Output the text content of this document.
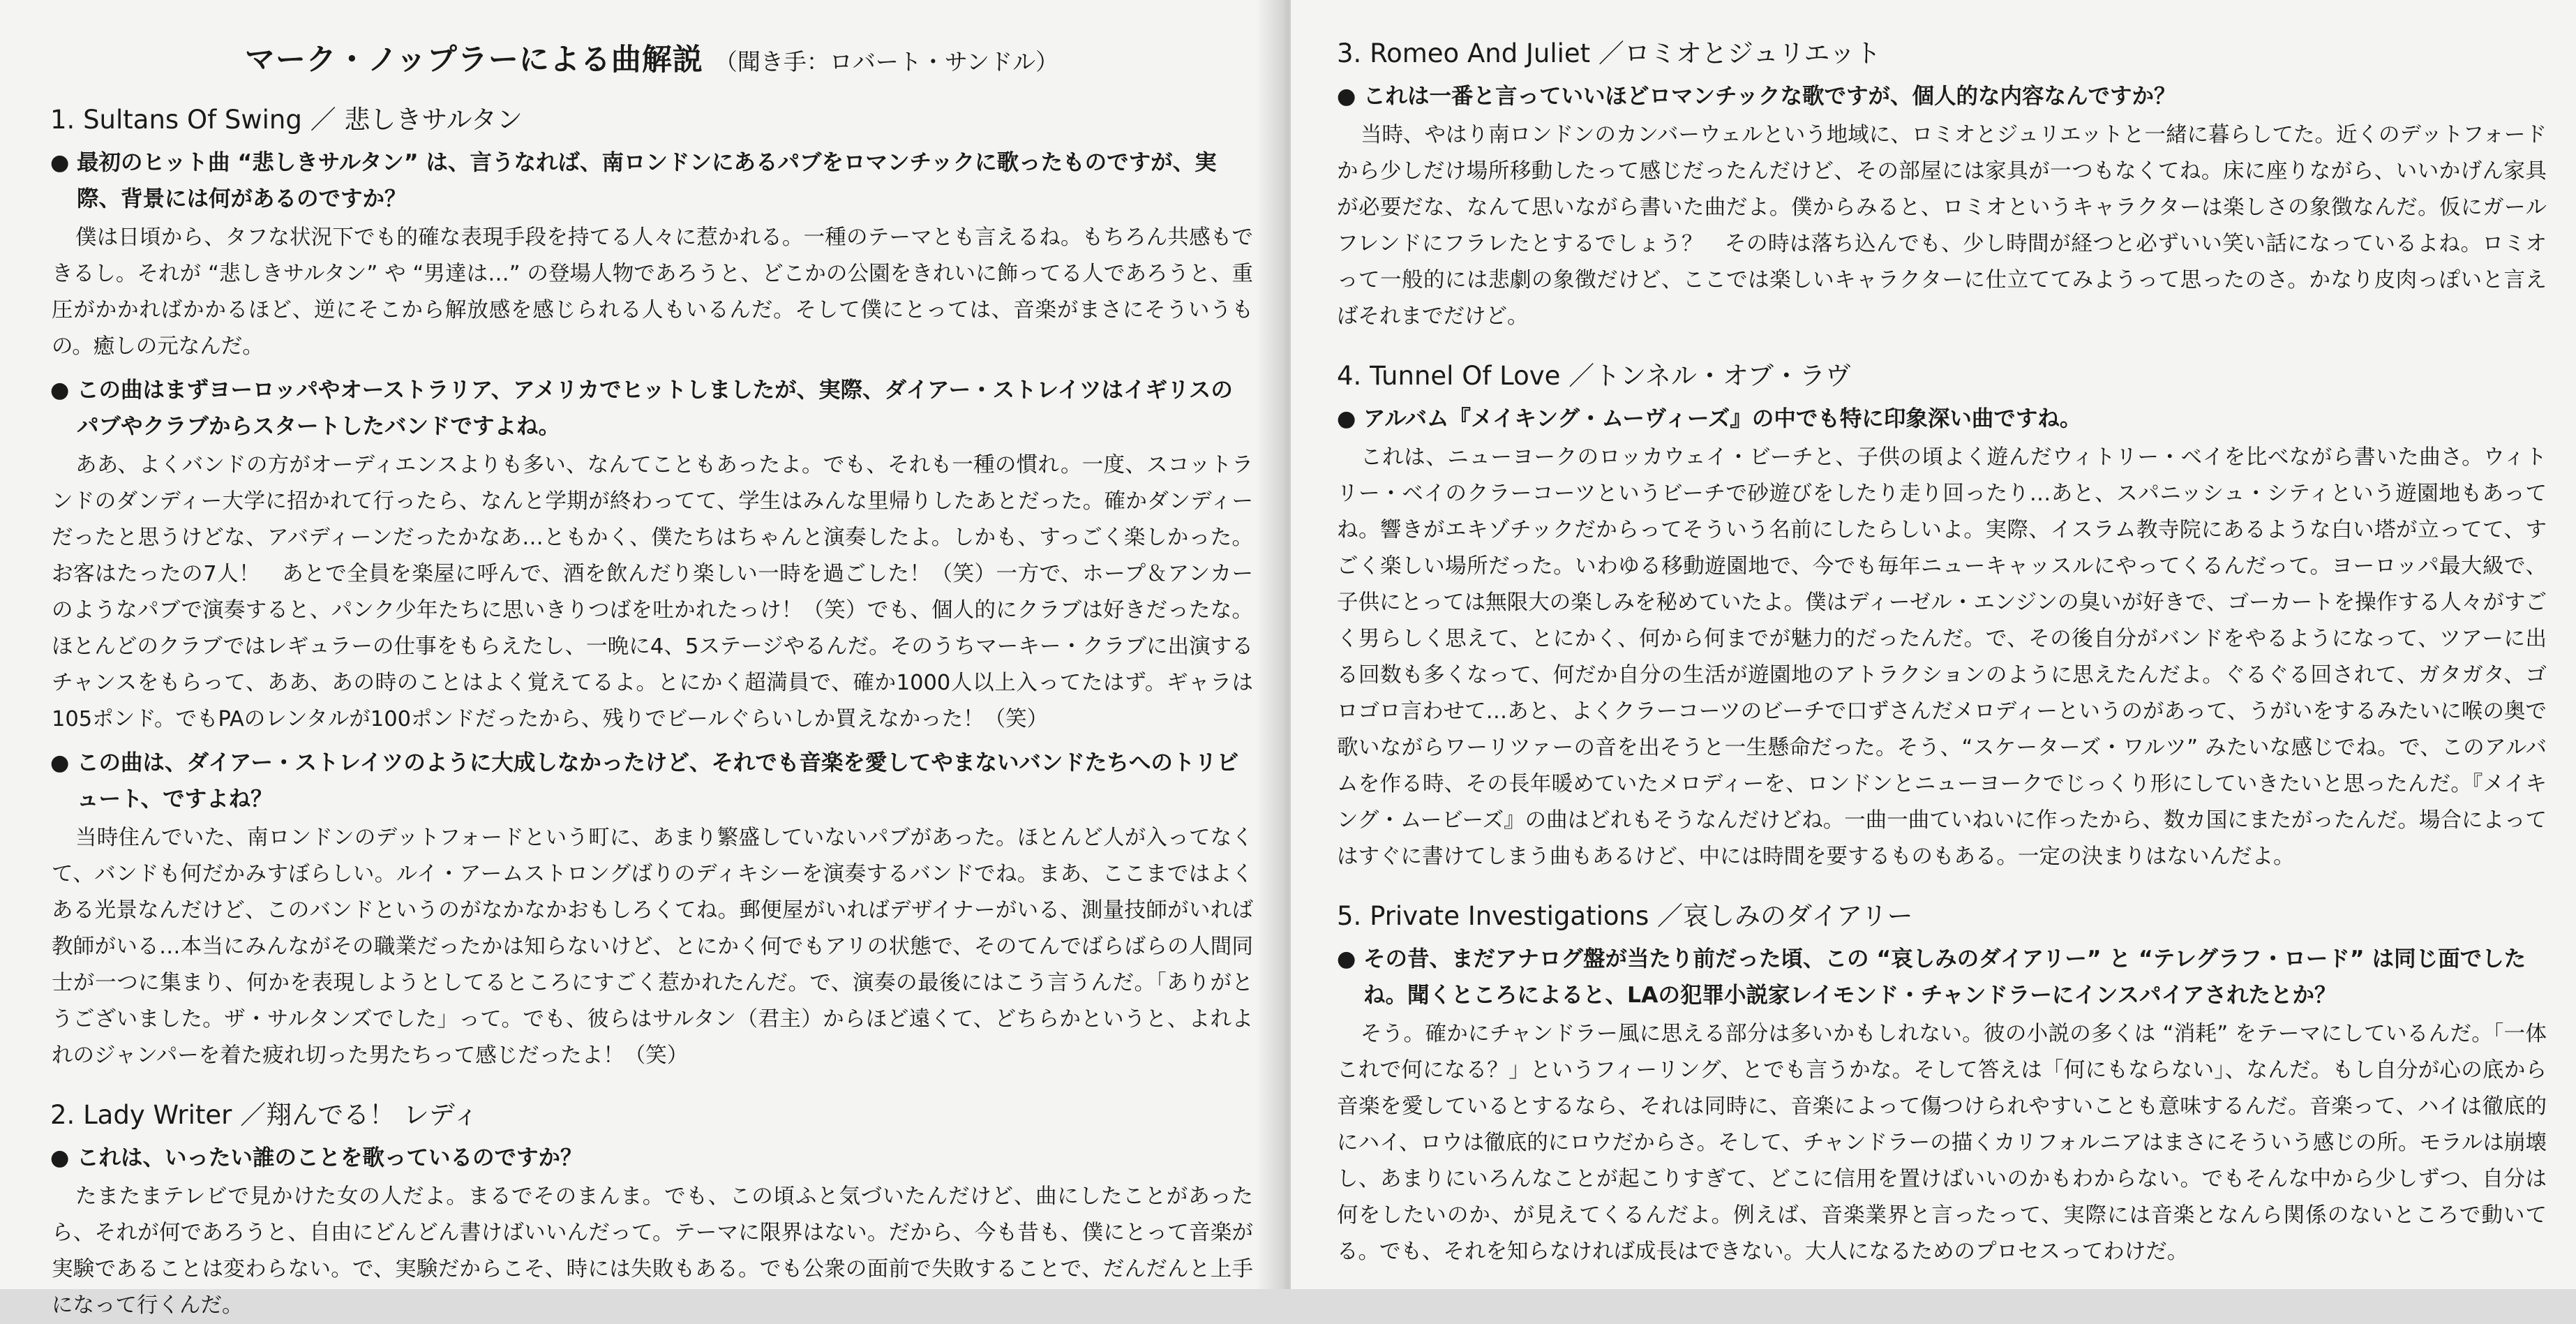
マーク・ノップラーによる曲解説 （聞き手：ロバート・サンドル）
1. Sultans Of Swing ／ 悲しきサルタン

● 最初のヒット曲 “悲しきサルタン” は、言うなれば、南ロンドンにあるパブをロマンチックに歌ったものですが、実際、背景には何があるのですか？

僕は日頃から、タフな状況下でも的確な表現手段を持てる人々に惹かれる。一種のテーマとも言えるね。もちろん共感もできるし。それが “悲しきサルタン” や “男達は…” の登場人物であろうと、どこかの公園をきれいに飾ってる人であろうと、重圧がかかればかかるほど、逆にそこから解放感を感じられる人もいるんだ。そして僕にとっては、音楽がまさにそういうもの。癒しの元なんだ。

● この曲はまずヨーロッパやオーストラリア、アメリカでヒットしましたが、実際、ダイアー・ストレイツはイギリスのパブやクラブからスタートしたバンドですよね。

ああ、よくバンドの方がオーディエンスよりも多い、なんてこともあったよ。でも、それも一種の慣れ。一度、スコットランドのダンディー大学に招かれて行ったら、なんと学期が終わってて、学生はみんな里帰りしたあとだった。確かダンディーだったと思うけどな、アバディーンだったかなあ…ともかく、僕たちはちゃんと演奏したよ。しかも、すっごく楽しかった。お客はたったの7人！　あとで全員を楽屋に呼んで、酒を飲んだり楽しい一時を過ごした！（笑）一方で、ホープ＆アンカーのようなパブで演奏すると、パンク少年たちに思いきりつばを吐かれたっけ！（笑）でも、個人的にクラブは好きだったな。ほとんどのクラブではレギュラーの仕事をもらえたし、一晩に4、5ステージやるんだ。そのうちマーキー・クラブに出演するチャンスをもらって、ああ、あの時のことはよく覚えてるよ。とにかく超満員で、確か1000人以上入ってたはず。ギャラは105ポンド。でもPAのレンタルが100ポンドだったから、残りでビールぐらいしか買えなかった！（笑）

● この曲は、ダイアー・ストレイツのように大成しなかったけど、それでも音楽を愛してやまないバンドたちへのトリビュート、ですよね？

当時住んでいた、南ロンドンのデットフォードという町に、あまり繁盛していないパブがあった。ほとんど人が入ってなくて、バンドも何だかみすぼらしい。ルイ・アームストロングばりのディキシーを演奏するバンドでね。まあ、ここまではよくある光景なんだけど、このバンドというのがなかなかおもしろくてね。郵便屋がいればデザイナーがいる、測量技師がいれば教師がいる…本当にみんながその職業だったかは知らないけど、とにかく何でもアリの状態で、そのてんでばらばらの人間同士が一つに集まり、何かを表現しようとしてるところにすごく惹かれたんだ。で、演奏の最後にはこう言うんだ。「ありがとうございました。ザ・サルタンズでした」って。でも、彼らはサルタン（君主）からほど遠くて、どちらかというと、よれよれのジャンパーを着た疲れ切った男たちって感じだったよ！（笑）

2. Lady Writer ／翔んでる！ レディ

● これは、いったい誰のことを歌っているのですか？

たまたまテレビで見かけた女の人だよ。まるでそのまんま。でも、この頃ふと気づいたんだけど、曲にしたことがあったら、それが何であろうと、自由にどんどん書けばいいんだって。テーマに限界はない。だから、今も昔も、僕にとって音楽が実験であることは変わらない。で、実験だからこそ、時には失敗もある。でも公衆の面前で失敗することで、だんだんと上手になって行くんだ。

3. Romeo And Juliet ／ロミオとジュリエット

● これは一番と言っていいほどロマンチックな歌ですが、個人的な内容なんですか？

当時、やはり南ロンドンのカンバーウェルという地域に、ロミオとジュリエットと一緒に暮らしてた。近くのデットフォードから少しだけ場所移動したって感じだったんだけど、その部屋には家具が一つもなくてね。床に座りながら、いいかげん家具が必要だな、なんて思いながら書いた曲だよ。僕からみると、ロミオというキャラクターは楽しさの象徴なんだ。仮にガールフレンドにフラレたとするでしょう？　その時は落ち込んでも、少し時間が経つと必ずいい笑い話になっているよね。ロミオって一般的には悲劇の象徴だけど、ここでは楽しいキャラクターに仕立ててみようって思ったのさ。かなり皮肉っぽいと言えばそれまでだけど。

4. Tunnel Of Love ／トンネル・オブ・ラヴ

● アルバム『メイキング・ムーヴィーズ』の中でも特に印象深い曲ですね。

これは、ニューヨークのロッカウェイ・ビーチと、子供の頃よく遊んだウィトリー・ベイを比べながら書いた曲さ。ウィトリー・ベイのクラーコーツというビーチで砂遊びをしたり走り回ったり…あと、スパニッシュ・シティという遊園地もあってね。響きがエキゾチックだからってそういう名前にしたらしいよ。実際、イスラム教寺院にあるような白い塔が立ってて、すごく楽しい場所だった。いわゆる移動遊園地で、今でも毎年ニューキャッスルにやってくるんだって。ヨーロッパ最大級で、子供にとっては無限大の楽しみを秘めていたよ。僕はディーゼル・エンジンの臭いが好きで、ゴーカートを操作する人々がすごく男らしく思えて、とにかく、何から何までが魅力的だったんだ。で、その後自分がバンドをやるようになって、ツアーに出る回数も多くなって、何だか自分の生活が遊園地のアトラクションのように思えたんだよ。ぐるぐる回されて、ガタガタ、ゴロゴロ言わせて…あと、よくクラーコーツのビーチで口ずさんだメロディーというのがあって、うがいをするみたいに喉の奥で歌いながらワーリツァーの音を出そうと一生懸命だった。そう、“スケーターズ・ワルツ” みたいな感じでね。で、このアルバムを作る時、その長年暖めていたメロディーを、ロンドンとニューヨークでじっくり形にしていきたいと思ったんだ。『メイキング・ムービーズ』の曲はどれもそうなんだけどね。一曲一曲ていねいに作ったから、数カ国にまたがったんだ。場合によってはすぐに書けてしまう曲もあるけど、中には時間を要するものもある。一定の決まりはないんだよ。

5. Private Investigations ／哀しみのダイアリー

● その昔、まだアナログ盤が当たり前だった頃、この “哀しみのダイアリー” と “テレグラフ・ロード” は同じ面でしたね。聞くところによると、LAの犯罪小説家レイモンド・チャンドラーにインスパイアされたとか？

そう。確かにチャンドラー風に思える部分は多いかもしれない。彼の小説の多くは “消耗” をテーマにしているんだ。「一体これで何になる？」というフィーリング、とでも言うかな。そして答えは「何にもならない」、なんだ。もし自分が心の底から音楽を愛しているとするなら、それは同時に、音楽によって傷つけられやすいことも意味するんだ。音楽って、ハイは徹底的にハイ、ロウは徹底的にロウだからさ。そして、チャンドラーの描くカリフォルニアはまさにそういう感じの所。モラルは崩壊し、あまりにいろんなことが起こりすぎて、どこに信用を置けばいいのかもわからない。でもそんな中から少しずつ、自分は何をしたいのか、が見えてくるんだよ。例えば、音楽業界と言ったって、実際には音楽となんら関係のないところで動いてる。でも、それを知らなければ成長はできない。大人になるためのプロセスってわけだ。
